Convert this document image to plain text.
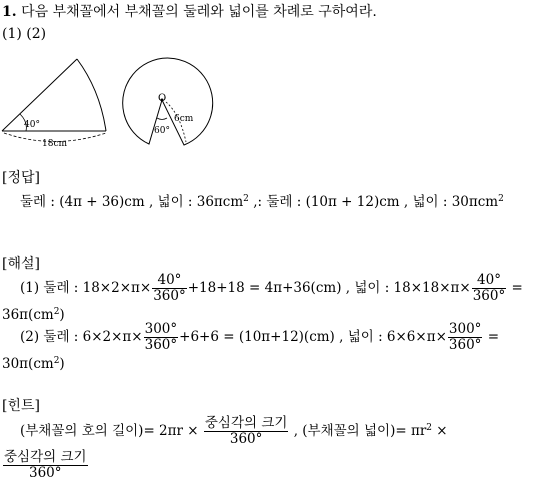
1. 다음 부채꼴에서 부채꼴의 둘레와 넓이를 차례로 구하여라.
(1) (2)
40°
18cm
O
60°
6cm
[정답]
둘레 : (4π + 36)cm , 넓이 : 36πcm$^2$ ,: 둘레 : (10π + 12)cm , 넓이 : 30πcm$^2$
[해설]
(1) 둘레 : $18\times 2\times\pi\times \frac{40^\circ}{360^\circ} +18+18 = 4\pi+36(cm)$ , 넓이 : $18\times 18\times\pi\times \frac{40^\circ}{360^\circ}$ =
$36\pi(cm^2)$
(2) 둘레 : $6\times 2\times\pi\times \frac{300^\circ}{360^\circ} +6+6 = (10\pi+12)(cm)$ , 넓이 : $6\times 6\times\pi\times \frac{300^\circ}{360^\circ}$ =
$30\pi(cm^2)$
[힌트]
(부채꼴의 호의 길이)= $2\pi r \times \frac{\text{중심각의 크기}}{360^\circ}$ , (부채꼴의 넓이)= $\pi r^2$ ×
$\frac{\text{중심각의 크기}}{360^\circ}$
